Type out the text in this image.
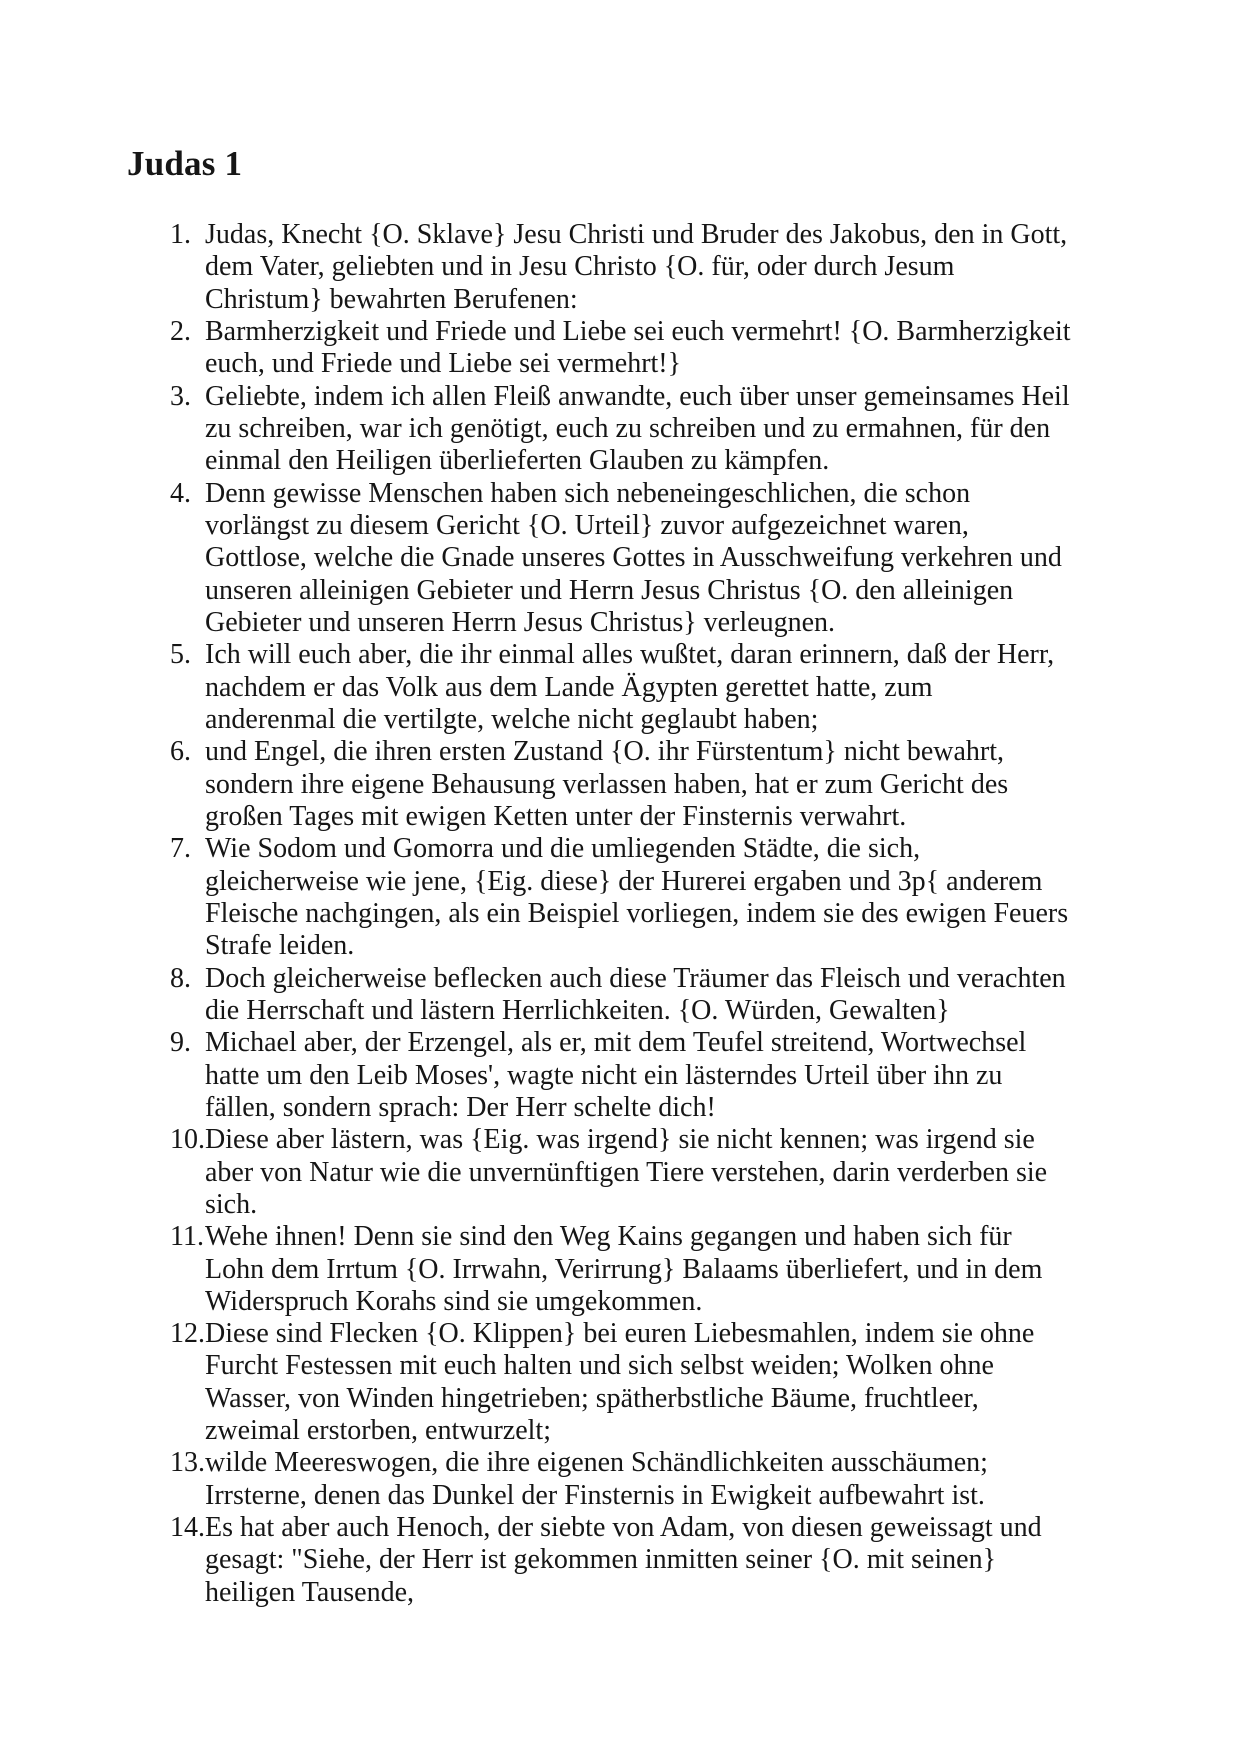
Judas 1
1. Judas, Knecht {O. Sklave} Jesu Christi und Bruder des Jakobus, den in Gott,
dem Vater, geliebten und in Jesu Christo {O. für, oder durch Jesum
Christum} bewahrten Berufenen:
2. Barmherzigkeit und Friede und Liebe sei euch vermehrt! {O. Barmherzigkeit
euch, und Friede und Liebe sei vermehrt!}
3. Geliebte, indem ich allen Fleiß anwandte, euch über unser gemeinsames Heil
zu schreiben, war ich genötigt, euch zu schreiben und zu ermahnen, für den
einmal den Heiligen überlieferten Glauben zu kämpfen.
4. Denn gewisse Menschen haben sich nebeneingeschlichen, die schon
vorlängst zu diesem Gericht {O. Urteil} zuvor aufgezeichnet waren,
Gottlose, welche die Gnade unseres Gottes in Ausschweifung verkehren und
unseren alleinigen Gebieter und Herrn Jesus Christus {O. den alleinigen
Gebieter und unseren Herrn Jesus Christus} verleugnen.
5. Ich will euch aber, die ihr einmal alles wußtet, daran erinnern, daß der Herr,
nachdem er das Volk aus dem Lande Ägypten gerettet hatte, zum
anderenmal die vertilgte, welche nicht geglaubt haben;
6. und Engel, die ihren ersten Zustand {O. ihr Fürstentum} nicht bewahrt,
sondern ihre eigene Behausung verlassen haben, hat er zum Gericht des
großen Tages mit ewigen Ketten unter der Finsternis verwahrt.
7. Wie Sodom und Gomorra und die umliegenden Städte, die sich,
gleicherweise wie jene, {Eig. diese} der Hurerei ergaben und 3p{ anderem
Fleische nachgingen, als ein Beispiel vorliegen, indem sie des ewigen Feuers
Strafe leiden.
8. Doch gleicherweise beflecken auch diese Träumer das Fleisch und verachten
die Herrschaft und lästern Herrlichkeiten. {O. Würden, Gewalten}
9. Michael aber, der Erzengel, als er, mit dem Teufel streitend, Wortwechsel
hatte um den Leib Moses', wagte nicht ein lästerndes Urteil über ihn zu
fällen, sondern sprach: Der Herr schelte dich!
10. Diese aber lästern, was {Eig. was irgend} sie nicht kennen; was irgend sie
aber von Natur wie die unvernünftigen Tiere verstehen, darin verderben sie
sich.
11. Wehe ihnen! Denn sie sind den Weg Kains gegangen und haben sich für
Lohn dem Irrtum {O. Irrwahn, Verirrung} Balaams überliefert, und in dem
Widerspruch Korahs sind sie umgekommen.
12. Diese sind Flecken {O. Klippen} bei euren Liebesmahlen, indem sie ohne
Furcht Festessen mit euch halten und sich selbst weiden; Wolken ohne
Wasser, von Winden hingetrieben; spätherbstliche Bäume, fruchtleer,
zweimal erstorben, entwurzelt;
13. wilde Meereswogen, die ihre eigenen Schändlichkeiten ausschäumen;
Irrsterne, denen das Dunkel der Finsternis in Ewigkeit aufbewahrt ist.
14. Es hat aber auch Henoch, der siebte von Adam, von diesen geweissagt und
gesagt: "Siehe, der Herr ist gekommen inmitten seiner {O. mit seinen}
heiligen Tausende,
